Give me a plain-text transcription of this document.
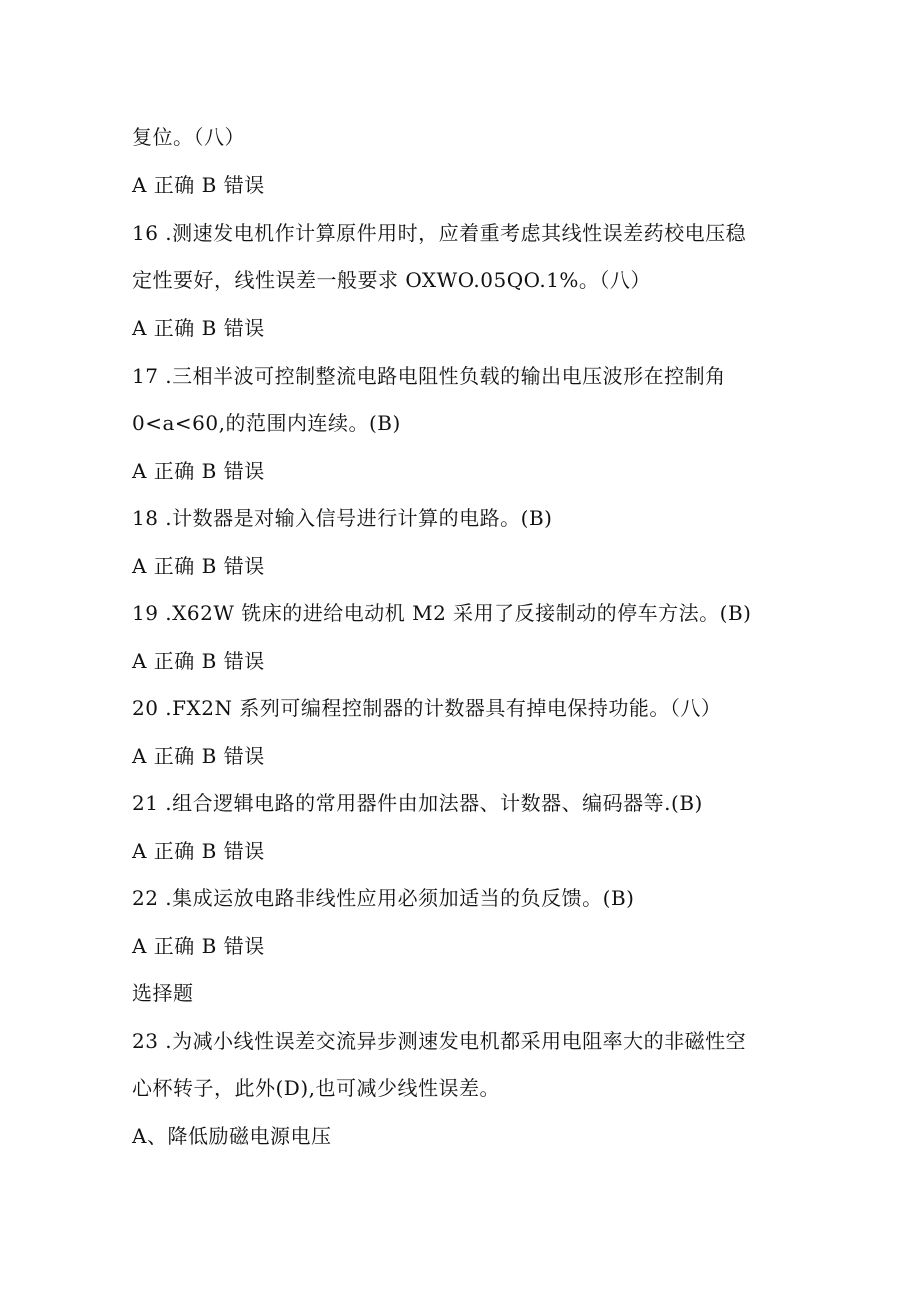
复位。（八）
A 正确 B 错误
16 .测速发电机作计算原件用时，应着重考虑其线性误差药校电压稳
定性要好，线性误差一般要求 OXWO.05QO.1%。（八）
A 正确 B 错误
17 .三相半波可控制整流电路电阻性负载的输出电压波形在控制角
0<a<60,的范围内连续。(B)
A 正确 B 错误
18 .计数器是对输入信号进行计算的电路。(B)
A 正确 B 错误
19 .X62W 铣床的进给电动机 M2 采用了反接制动的停车方法。(B)
A 正确 B 错误
20 .FX2N 系列可编程控制器的计数器具有掉电保持功能。（八）
A 正确 B 错误
21 .组合逻辑电路的常用器件由加法器、计数器、编码器等.(B)
A 正确 B 错误
22 .集成运放电路非线性应用必须加适当的负反馈。(B)
A 正确 B 错误
选择题
23 .为减小线性误差交流异步测速发电机都采用电阻率大的非磁性空
心杯转子，此外(D),也可减少线性误差。
A、降低励磁电源电压
